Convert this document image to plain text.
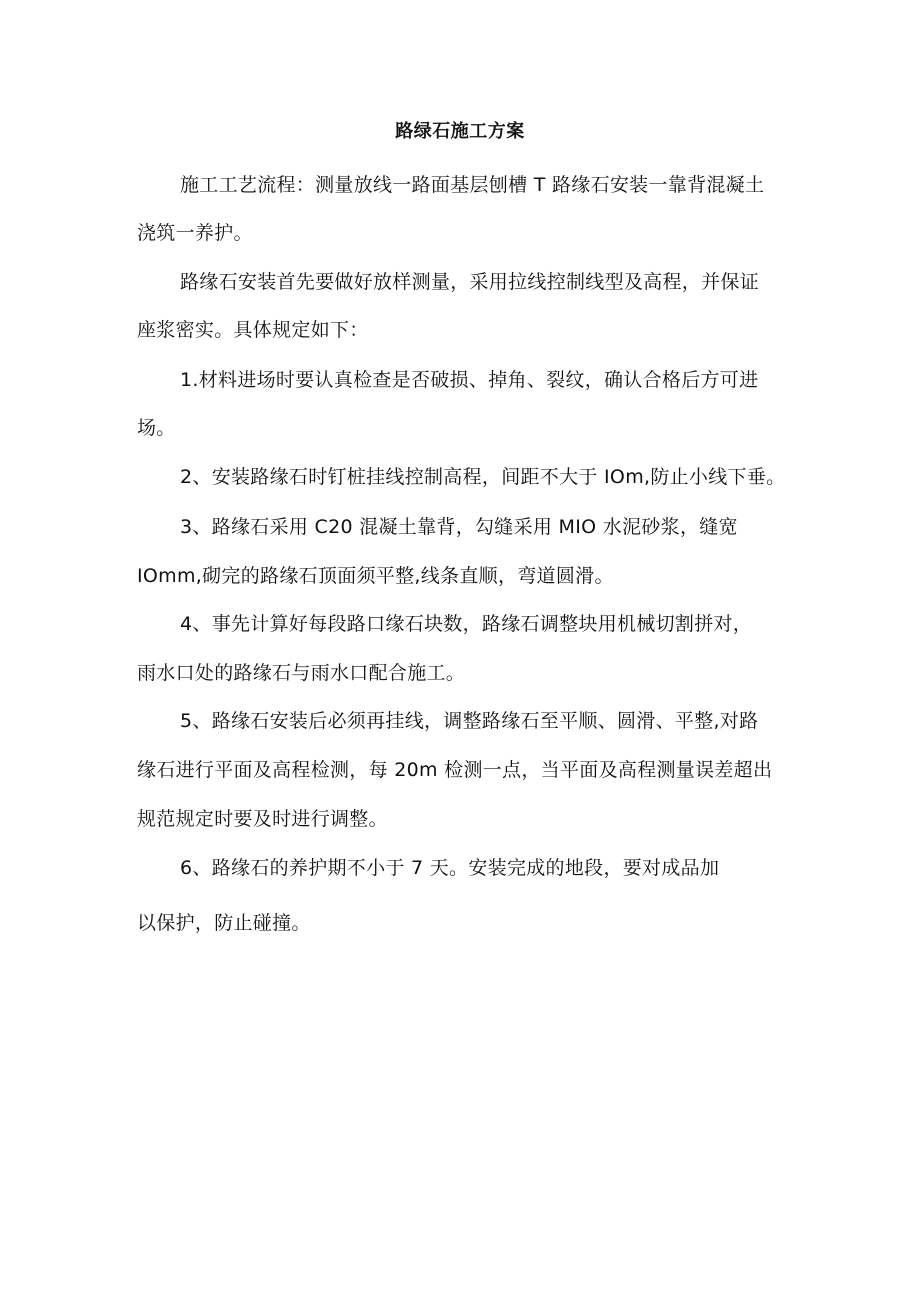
路绿石施工方案
施工工艺流程：测量放线一路面基层刨槽 T 路缘石安装一靠背混凝土
浇筑一养护。
路缘石安装首先要做好放样测量，采用拉线控制线型及高程，并保证
座浆密实。具体规定如下：
1.材料进场时要认真检查是否破损、掉角、裂纹，确认合格后方可进
场。
2、安装路缘石时钉桩挂线控制高程，间距不大于 IOm,防止小线下垂。
3、路缘石采用 C20 混凝土靠背，勾缝采用 MIO 水泥砂浆，缝宽
IOmm,砌完的路缘石顶面须平整,线条直顺，弯道圆滑。
4、事先计算好每段路口缘石块数，路缘石调整块用机械切割拼对，
雨水口处的路缘石与雨水口配合施工。
5、路缘石安装后必须再挂线，调整路缘石至平顺、圆滑、平整,对路
缘石进行平面及高程检测，每 20m 检测一点，当平面及高程测量误差超出
规范规定时要及时进行调整。
6、路缘石的养护期不小于 7 天。安装完成的地段，要对成品加
以保护，防止碰撞。
